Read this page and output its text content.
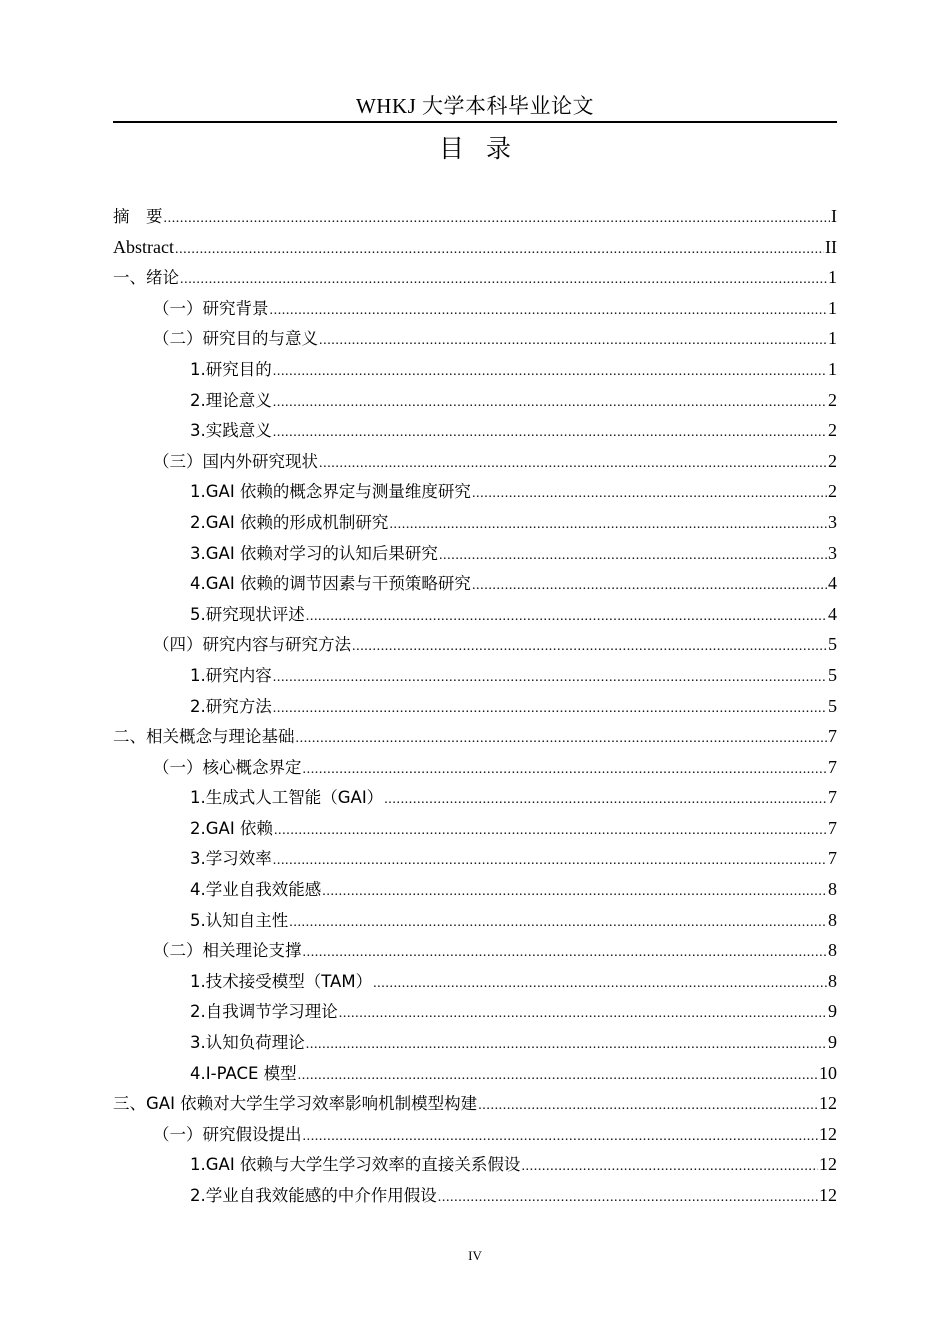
WHKJ 大学本科毕业论文
目录
摘　要 .....	I
Abstract .....	II
一、绪论 .....	1
（一）研究背景 .....	1
（二）研究目的与意义 .....	1
1.研究目的 .....	1
2.理论意义 .....	2
3.实践意义 .....	2
（三）国内外研究现状 .....	2
1.GAI 依赖的概念界定与测量维度研究 .....	2
2.GAI 依赖的形成机制研究 .....	3
3.GAI 依赖对学习的认知后果研究 .....	3
4.GAI 依赖的调节因素与干预策略研究 .....	4
5.研究现状评述 .....	4
（四）研究内容与研究方法 .....	5
1.研究内容 .....	5
2.研究方法 .....	5
二、相关概念与理论基础 .....	7
（一）核心概念界定 .....	7
1.生成式人工智能（GAI） .....	7
2.GAI 依赖 .....	7
3.学习效率 .....	7
4.学业自我效能感 .....	8
5.认知自主性 .....	8
（二）相关理论支撑 .....	8
1.技术接受模型（TAM） .....	8
2.自我调节学习理论 .....	9
3.认知负荷理论 .....	9
4.I-PACE 模型 .....	10
三、GAI 依赖对大学生学习效率影响机制模型构建 .....	12
（一）研究假设提出 .....	12
1.GAI 依赖与大学生学习效率的直接关系假设 .....	12
2.学业自我效能感的中介作用假设 .....	12
IV
